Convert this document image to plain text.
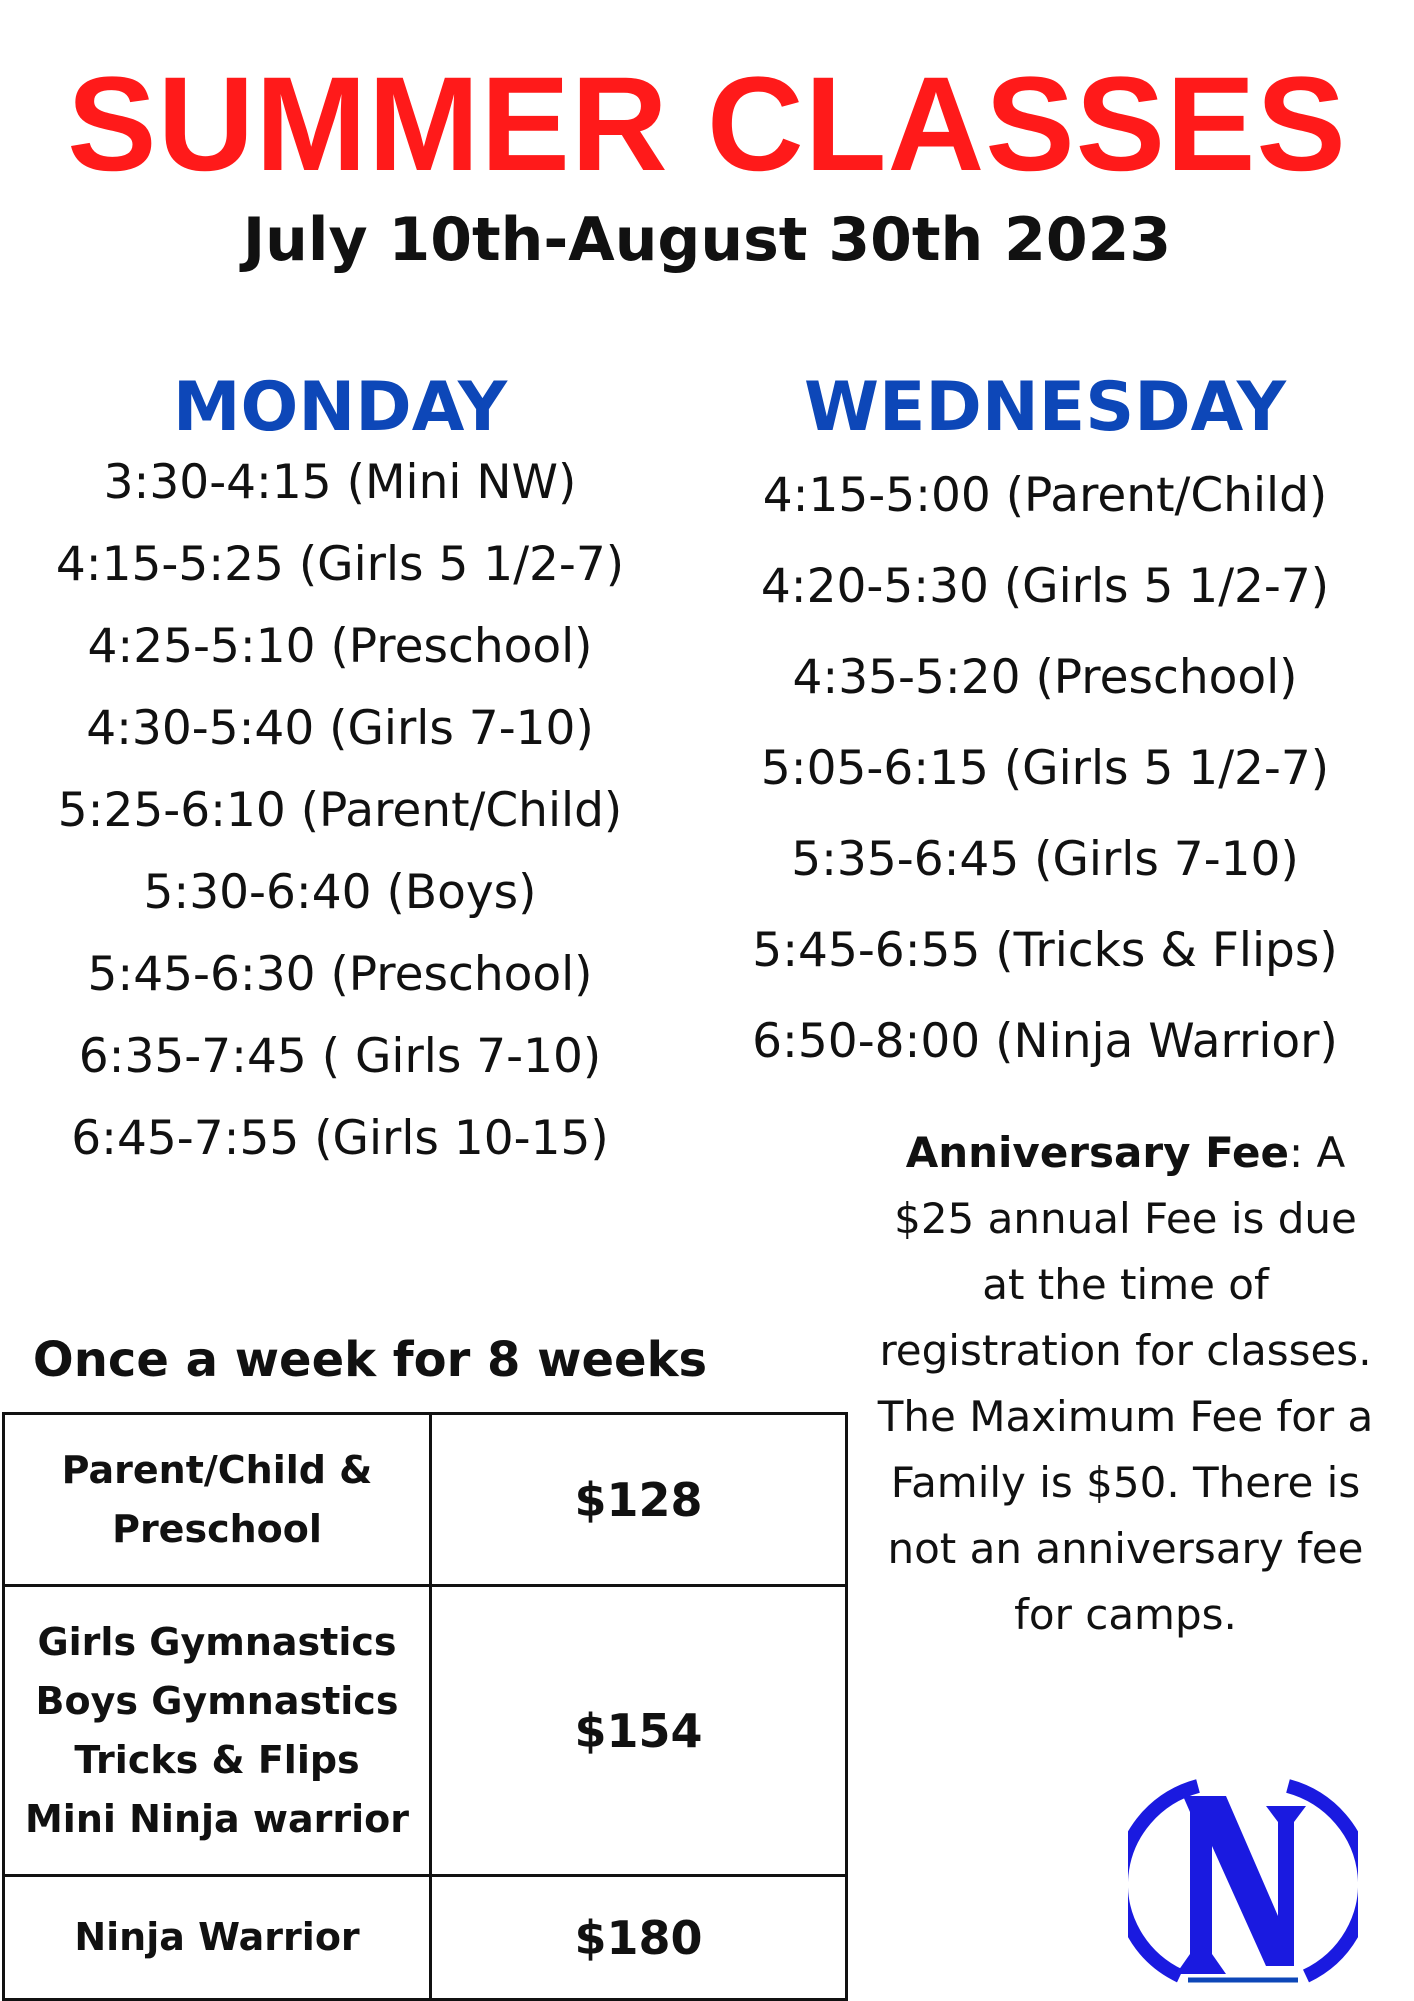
SUMMER CLASSES
July 10th-August 30th 2023
MONDAY
3:30-4:15 (Mini NW)
4:15-5:25 (Girls 5 1/2-7)
4:25-5:10 (Preschool)
4:30-5:40 (Girls 7-10)
5:25-6:10 (Parent/Child)
5:30-6:40 (Boys)
5:45-6:30 (Preschool)
6:35-7:45 ( Girls 7-10)
6:45-7:55 (Girls 10-15)
WEDNESDAY
4:15-5:00 (Parent/Child)
4:20-5:30 (Girls 5 1/2-7)
4:35-5:20 (Preschool)
5:05-6:15 (Girls 5 1/2-7)
5:35-6:45 (Girls 7-10)
5:45-6:55 (Tricks & Flips)
6:50-8:00 (Ninja Warrior)
Anniversary Fee: A $25 annual Fee is due at the time of registration for classes. The Maximum Fee for a Family is $50. There is not an anniversary fee for camps.
Once a week for 8 weeks
Parent/Child &
Preschool	$128

Girls Gymnastics
Boys Gymnastics
Tricks & Flips
Mini Ninja warrior	$154

Ninja Warrior	$180
